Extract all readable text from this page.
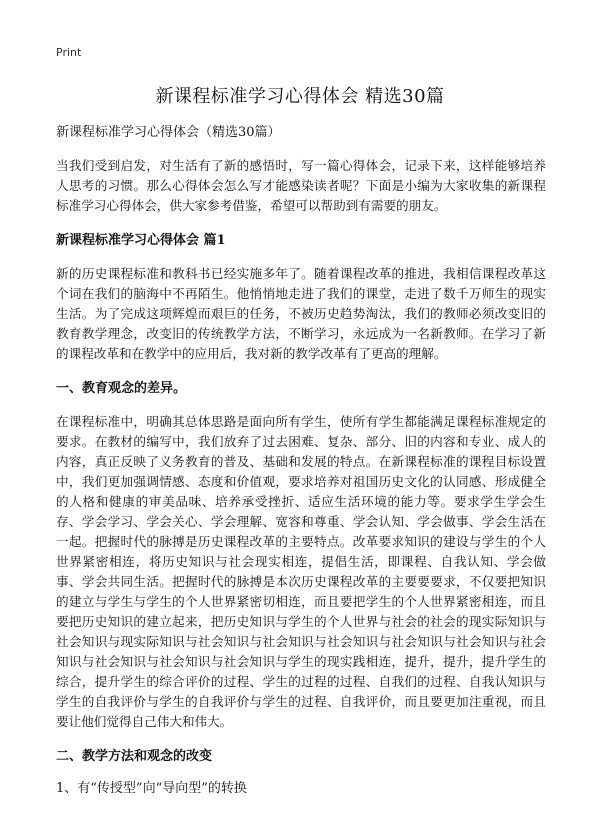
Print
新课程标准学习心得体会 精选30篇

新课程标准学习心得体会（精选30篇）

当我们受到启发，对生活有了新的感悟时，写一篇心得体会，记录下来，这样能够培养人思考的习惯。那么心得体会怎么写才能感染读者呢？下面是小编为大家收集的新课程标准学习心得体会，供大家参考借鉴，希望可以帮助到有需要的朋友。

新课程标准学习心得体会 篇1

新的历史课程标准和教科书已经实施多年了。随着课程改革的推进，我相信课程改革这个词在我们的脑海中不再陌生。他悄悄地走进了我们的课堂，走进了数千万师生的现实生活。为了完成这项辉煌而艰巨的任务，不被历史趋势淘汰，我们的教师必须改变旧的教育教学理念，改变旧的传统教学方法，不断学习，永远成为一名新教师。在学习了新的课程改革和在教学中的应用后，我对新的教学改革有了更高的理解。

一、教育观念的差异。

在课程标准中，明确其总体思路是面向所有学生，使所有学生都能满足课程标准规定的要求。在教材的编写中，我们放弃了过去困难、复杂、部分、旧的内容和专业、成人的内容，真正反映了义务教育的普及、基础和发展的特点。在新课程标准的课程目标设置中，我们更加强调情感、态度和价值观，要求培养对祖国历史文化的认同感、形成健全的人格和健康的审美品味、培养承受挫折、适应生活环境的能力等。要求学生学会生存、学会学习、学会关心、学会理解、宽容和尊重、学会认知、学会做事、学会生活在一起。把握时代的脉搏是历史课程改革的主要特点。改革要求知识的建设与学生的个人世界紧密相连，将历史知识与社会现实相连，提倡生活，即课程、自我认知、学会做事、学会共同生活。把握时代的脉搏是本次历史课程改革的主要要要求，不仅要把知识的建立与学生与学生的个人世界紧密切相连，而且要把学生的个人世界紧密相连，而且要把历史知识的建立起来，把历史知识与学生的个人世界与社会的社会的现实际知识与社会知识与现实际知识与社会知识与社会知识与社会知识与社会知识与社会知识与社会知识与社会知识与社会知识与社会知识与学生的现实践相连，提升，提升，提升学生的综合，提升学生的综合评价的过程、学生的过程的过程、自我们的过程、自我认知识与学生的自我评价与学生的自我评价与学生的过程、自我评价，而且要更加注重视，而且要让他们觉得自己伟大和伟大。

二、教学方法和观念的改变

1、有“传授型”向“导向型”的转换
